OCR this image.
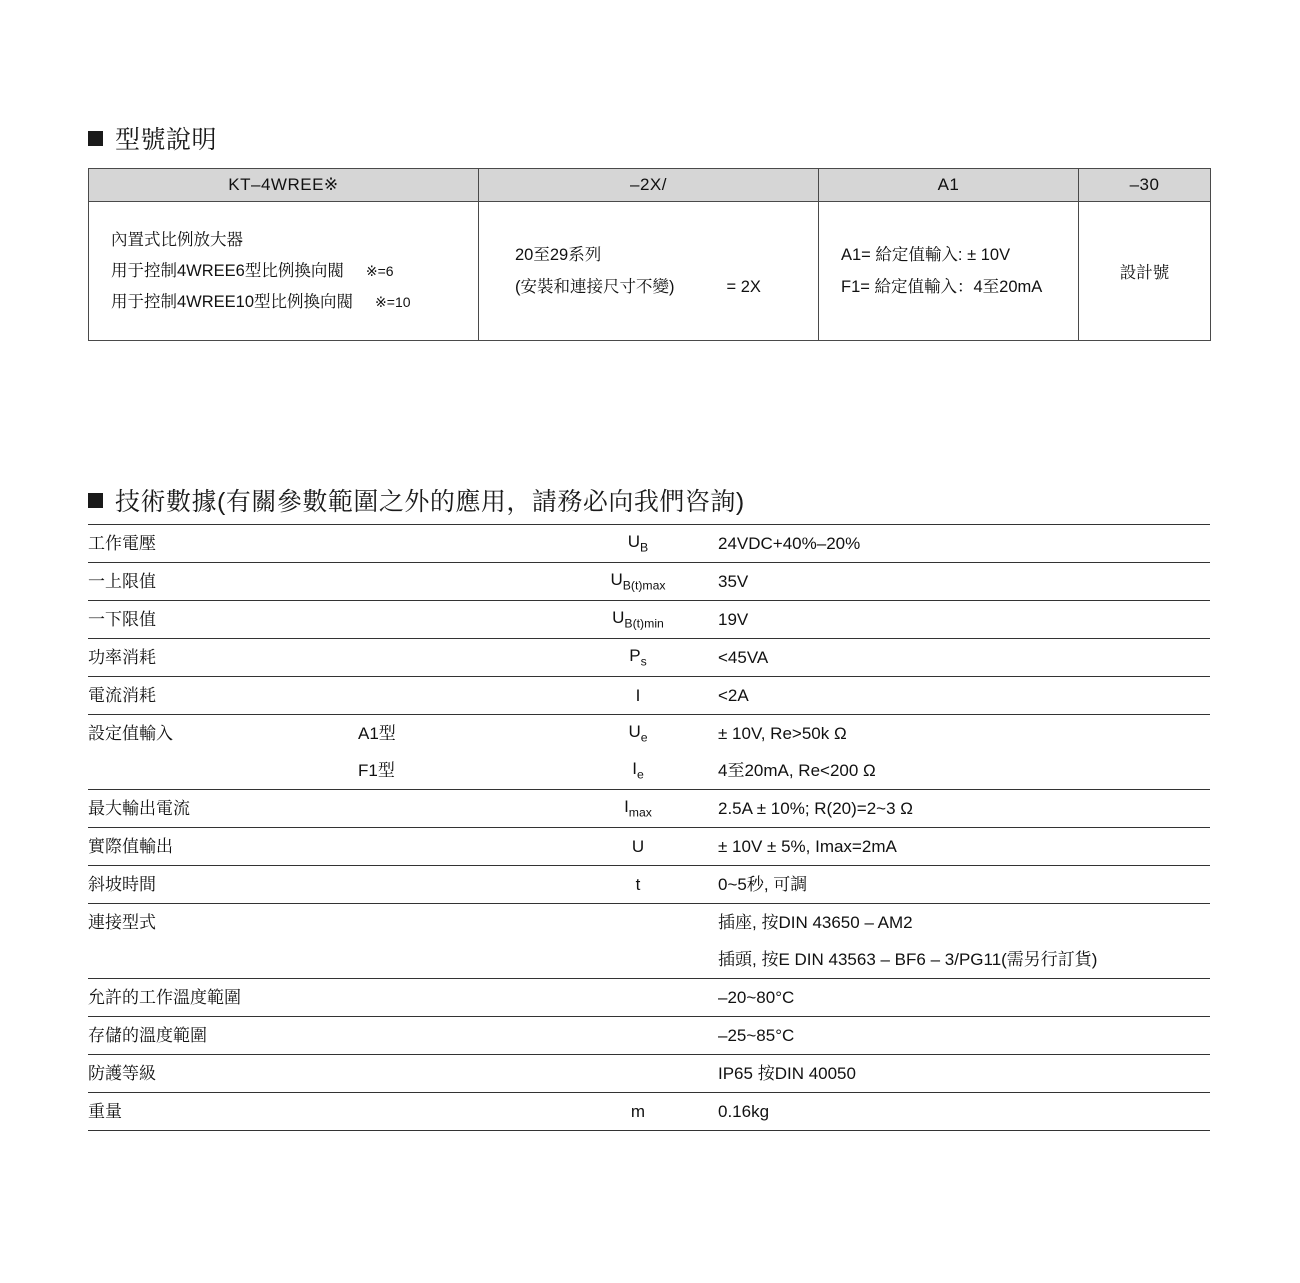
型號說明
KT–4WREE※	–2X/	A1	–30

內置式比例放大器
用于控制4WREE6型比例換向閥 ※=6
用于控制4WREE10型比例換向閥 ※=10

20至29系列
(安裝和連接尺寸不變)	= 2X

A1= 給定值輸入: ± 10V
F1= 給定值輸入：4至20mA
	設計號
技術數據(有關參數範圍之外的應用，請務必向我們咨詢)
工作電壓		$U_B$	24VDC+40%–20%
一上限值		$U_{B(t)max}$	35V
一下限值		$U_{B(t)min}$	19V
功率消耗		$P_s$	<45VA
電流消耗		I	<2A
設定值輸入	A1型	$U_e$	± 10V, Re>50k Ω
	F1型	$I_e$	4至20mA, Re<200 Ω
最大輸出電流		$I_{max}$	2.5A ± 10%; R(20)=2~3 Ω
實際值輸出		U	± 10V ± 5%, Imax=2mA
斜坡時間		t	0~5秒, 可調
連接型式			插座, 按DIN 43650 – AM2
			插頭, 按E DIN 43563 – BF6 – 3/PG11(需另行訂貨)
允許的工作溫度範圍			–20~80°C
存儲的溫度範圍			–25~85°C
防護等級			IP65 按DIN 40050
重量		m	0.16kg
